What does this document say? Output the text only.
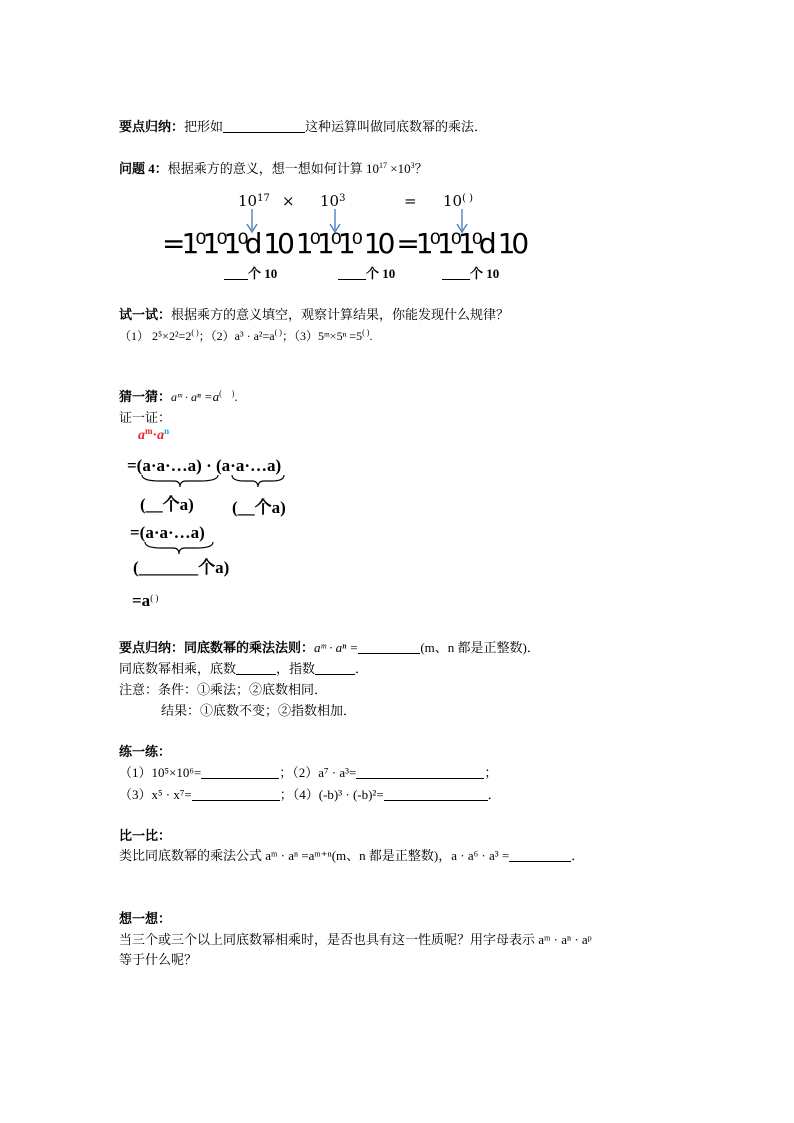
要点归纳：把形如	这种运算叫做同底数幂的乘法．
问题 4：根据乘方的意义，想一想如何计算 $10^{17} \times 10^3$？
$10^{17} \times 10^3$	= 10( )
=1⁰1⁰1⁰d 10 1⁰1⁰1⁰ 10 =1⁰1⁰1⁰d 10
个 10	个 10	个 10
试一试：根据乘方的意义填空，观察计算结果，你能发现什么规律？
（1） 2⁵×2²=2( )；（2）a³ · a²=a( )；（3）5ᵐ×5ⁿ =5( ).
猜一猜：aᵐ · aⁿ =a(     ).
证一证：
$a^m\cdot a^n$
=(a·a·…a) · (a·a·…a)
(__个a) (__个a)
=(a·a·…a)
(_______个a)
=a( )
要点归纳：同底数幂的乘法法则：aᵐ · aⁿ =	(m、n 都是正整数)．
同底数幂相乘，底数	，指数	．
注意：条件：①乘法；②底数相同．
结果：①底数不变；②指数相加．
练一练：
（1）10⁵×10⁶=	；（2）a⁷ · a³=	；
（3）x⁵ · x⁷=	；（4）(-b)³ · (-b)²=	．
比一比：
类比同底数幂的乘法公式 aᵐ · aⁿ =aᵐ⁺ⁿ(m、n 都是正整数)，a · a⁶ · a³ =	．
想一想：
当三个或三个以上同底数幂相乘时，是否也具有这一性质呢？用字母表示 aᵐ · aⁿ · aᵖ
等于什么呢？
